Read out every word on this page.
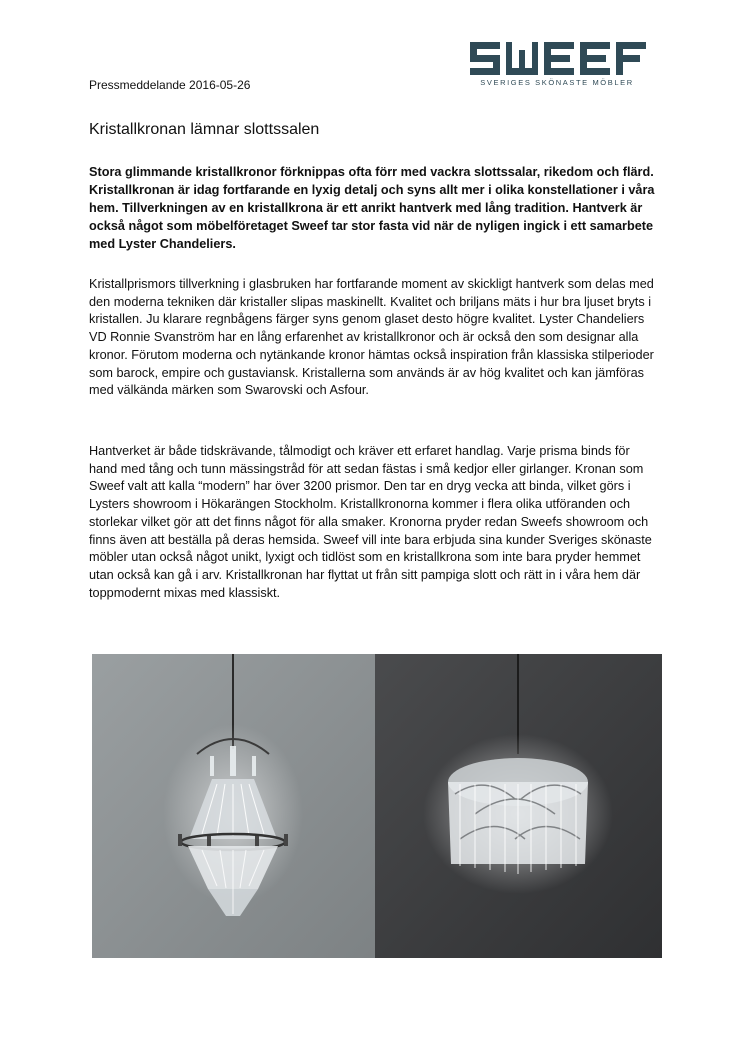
Pressmeddelande 2016-05-26	SVERIGES SKÖNASTE MÖBLER
Kristallkronan lämnar slottssalen
Stora glimmande kristallkronor förknippas ofta förr med vackra slottssalar, rikedom och flärd. Kristallkronan är idag fortfarande en lyxig detalj och syns allt mer i olika konstellationer i våra hem. Tillverkningen av en kristallkrona är ett anrikt hantverk med lång tradition. Hantverk är också något som möbelföretaget Sweef tar stor fasta vid när de nyligen ingick i ett samarbete med Lyster Chandeliers.
Kristallprismors tillverkning i glasbruken har fortfarande moment av skickligt hantverk som delas med den moderna tekniken där kristaller slipas maskinellt. Kvalitet och briljans mäts i hur bra ljuset bryts i kristallen. Ju klarare regnbågens färger syns genom glaset desto högre kvalitet. Lyster Chandeliers VD Ronnie Svanström har en lång erfarenhet av kristallkronor och är också den som designar alla kronor. Förutom moderna och nytänkande kronor hämtas också inspiration från klassiska stilperioder som barock, empire och gustaviansk. Kristallerna som används är av hög kvalitet och kan jämföras med välkända märken som Swarovski och Asfour.
Hantverket är både tidskrävande, tålmodigt och kräver ett erfaret handlag. Varje prisma binds för hand med tång och tunn mässingstråd för att sedan fästas i små kedjor eller girlanger. Kronan som Sweef valt att kalla “modern” har över 3200 prismor. Den tar en dryg vecka att binda, vilket görs i Lysters showroom i Hökarängen Stockholm. Kristallkronorna kommer i flera olika utföranden och storlekar vilket gör att det finns något för alla smaker. Kronorna pryder redan Sweefs showroom och finns även att beställa på deras hemsida. Sweef vill inte bara erbjuda sina kunder Sveriges skönaste möbler utan också något unikt, lyxigt och tidlöst som en kristallkrona som inte bara pryder hemmet utan också kan gå i arv. Kristallkronan har flyttat ut från sitt pampiga slott och rätt in i våra hem där toppmodernt mixas med klassiskt.
